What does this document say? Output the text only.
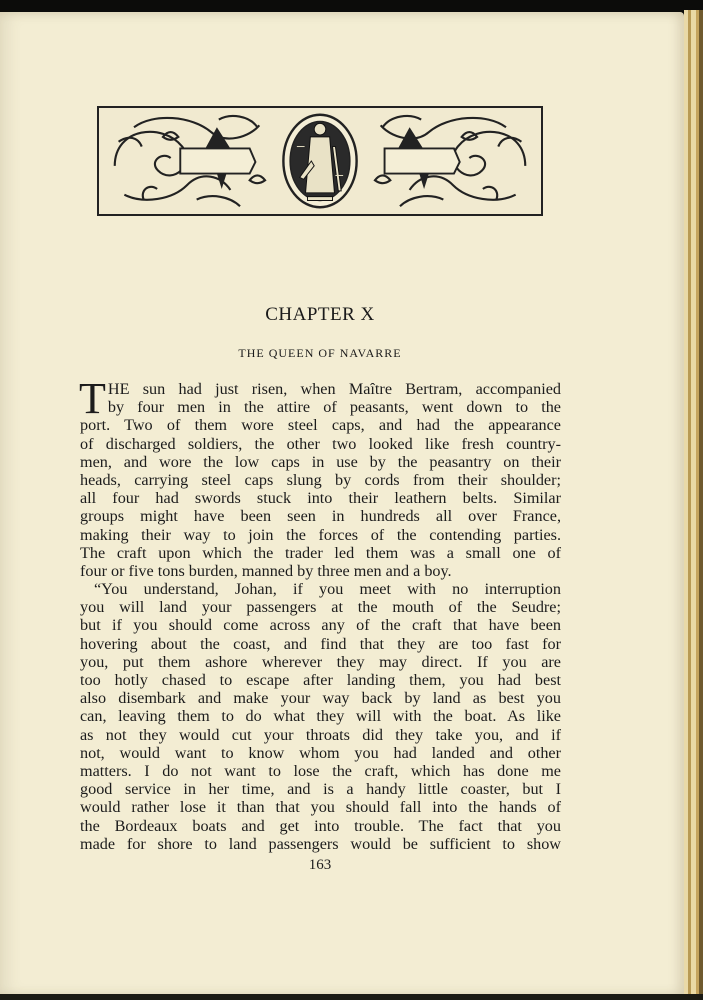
CHAPTER X
THE QUEEN OF NAVARRE
T HE sun had just risen, when Maître Bertram, accompanied
by four men in the attire of peasants, went down to the
port. Two of them wore steel caps, and had the appearance
of discharged soldiers, the other two looked like fresh country-
men, and wore the low caps in use by the peasantry on their
heads, carrying steel caps slung by cords from their shoulder;
all four had swords stuck into their leathern belts. Similar
groups might have been seen in hundreds all over France,
making their way to join the forces of the contending parties.
The craft upon which the trader led them was a small one of
four or five tons burden, manned by three men and a boy.
“You understand, Johan, if you meet with no interruption
you will land your passengers at the mouth of the Seudre;
but if you should come across any of the craft that have been
hovering about the coast, and find that they are too fast for
you, put them ashore wherever they may direct. If you are
too hotly chased to escape after landing them, you had best
also disembark and make your way back by land as best you
can, leaving them to do what they will with the boat. As like
as not they would cut your throats did they take you, and if
not, would want to know whom you had landed and other
matters. I do not want to lose the craft, which has done me
good service in her time, and is a handy little coaster, but I
would rather lose it than that you should fall into the hands of
the Bordeaux boats and get into trouble. The fact that you
made for shore to land passengers would be sufficient to show
163
